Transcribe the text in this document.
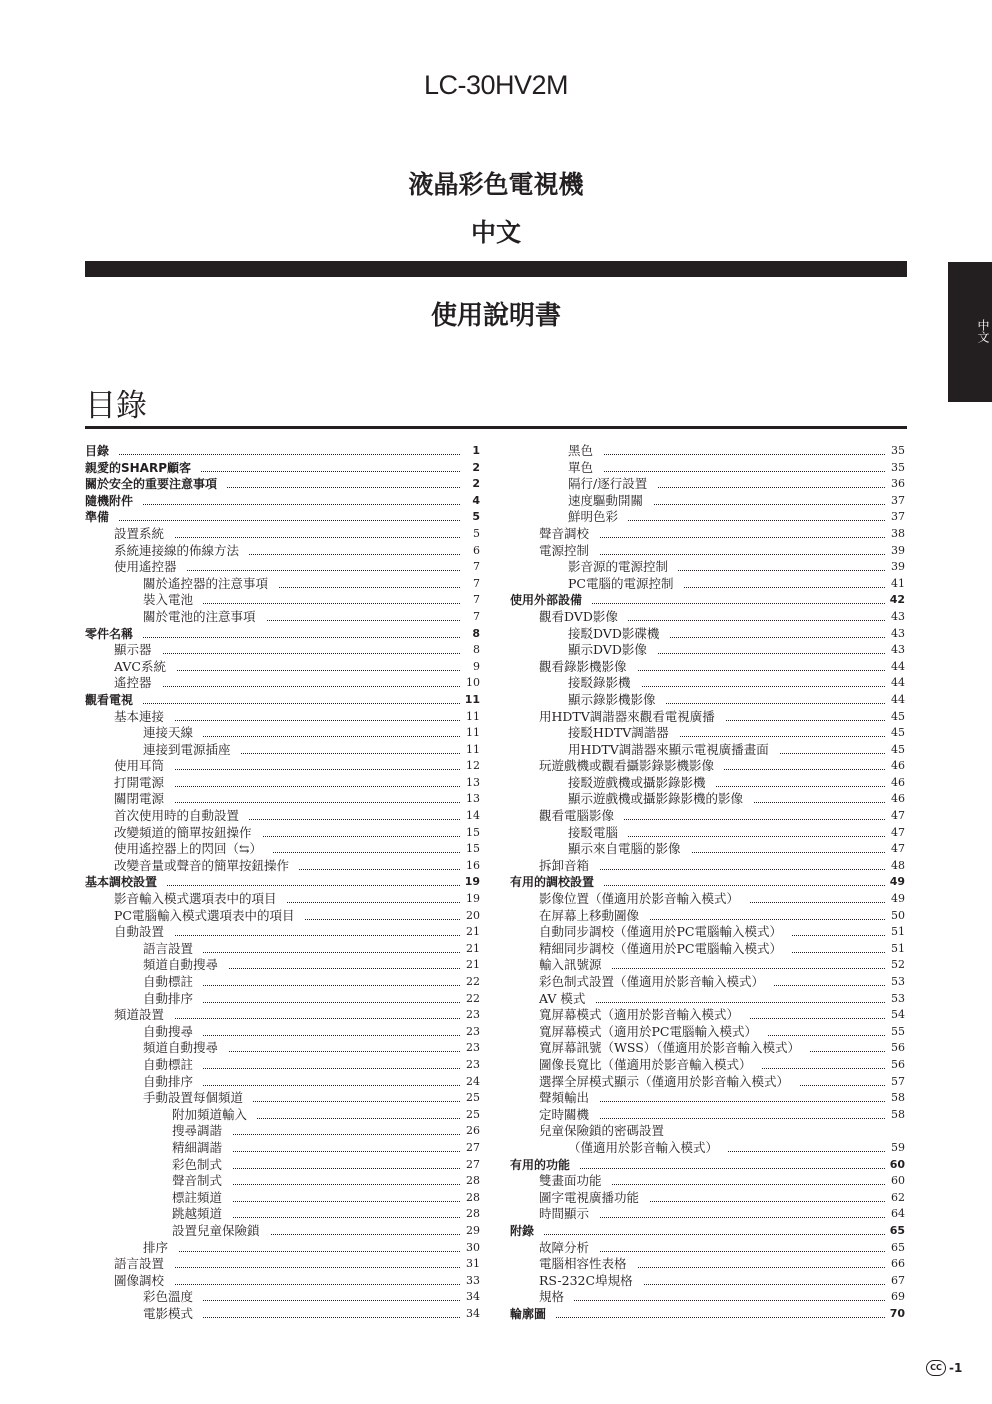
LC-30HV2M
液晶彩色電視機
中文
使用說明書	中文
目錄
目錄	1
親愛的SHARP顧客	2
關於安全的重要注意事項	2
隨機附件	4
準備	5
設置系統	5
系統連接線的佈線方法	6
使用遙控器	7
關於遙控器的注意事項	7
裝入電池	7
關於電池的注意事項	7
零件名稱	8
顯示器	8
AVC系統	9
遙控器	10
觀看電視	11
基本連接	11
連接天線	11
連接到電源插座	11
使用耳筒	12
打開電源	13
關閉電源	13
首次使用時的自動設置	14
改變頻道的簡單按鈕操作	15
使用遙控器上的閃回（⇆）	15
改變音量或聲音的簡單按鈕操作	16
基本調校設置	19
影音輸入模式選項表中的項目	19
PC電腦輸入模式選項表中的項目	20
自動設置	21
語言設置	21
頻道自動搜尋	21
自動標註	22
自動排序	22
頻道設置	23
自動搜尋	23
頻道自動搜尋	23
自動標註	23
自動排序	24
手動設置每個頻道	25
附加頻道輸入	25
搜尋調諧	26
精細調諧	27
彩色制式	27
聲音制式	28
標註頻道	28
跳越頻道	28
設置兒童保險鎖	29
排序	30
語言設置	31
圖像調校	33
彩色溫度	34
電影模式	34
黑色	35
單色	35
隔行/逐行設置	36
速度驅動開關	37
鮮明色彩	37
聲音調校	38
電源控制	39
影音源的電源控制	39
PC電腦的電源控制	41
使用外部設備	42
觀看DVD影像	43
接駁DVD影碟機	43
顯示DVD影像	43
觀看錄影機影像	44
接駁錄影機	44
顯示錄影機影像	44
用HDTV調諧器來觀看電視廣播	45
接駁HDTV調諧器	45
用HDTV調諧器來顯示電視廣播畫面	45
玩遊戲機或觀看攝影錄影機影像	46
接駁遊戲機或攝影錄影機	46
顯示遊戲機或攝影錄影機的影像	46
觀看電腦影像	47
接駁電腦	47
顯示來自電腦的影像	47
拆卸音箱	48
有用的調校設置	49
影像位置（僅適用於影音輸入模式）	49
在屏幕上移動圖像	50
自動同步調校（僅適用於PC電腦輸入模式）	51
精細同步調校（僅適用於PC電腦輸入模式）	51
輸入訊號源	52
彩色制式設置（僅適用於影音輸入模式）	53
AV 模式	53
寬屏幕模式（適用於影音輸入模式）	54
寬屏幕模式（適用於PC電腦輸入模式）	55
寬屏幕訊號（WSS）（僅適用於影音輸入模式）	56
圖像長寬比（僅適用於影音輸入模式）	56
選擇全屏模式顯示（僅適用於影音輸入模式）	57
聲頻輸出	58
定時關機	58
兒童保險鎖的密碼設置
（僅適用於影音輸入模式）	59
有用的功能	60
雙畫面功能	60
圖字電視廣播功能	62
時間顯示	64
附錄	65
故障分析	65
電腦相容性表格	66
RS-232C埠規格	67
規格	69
輪廓圖	70
CC -1
